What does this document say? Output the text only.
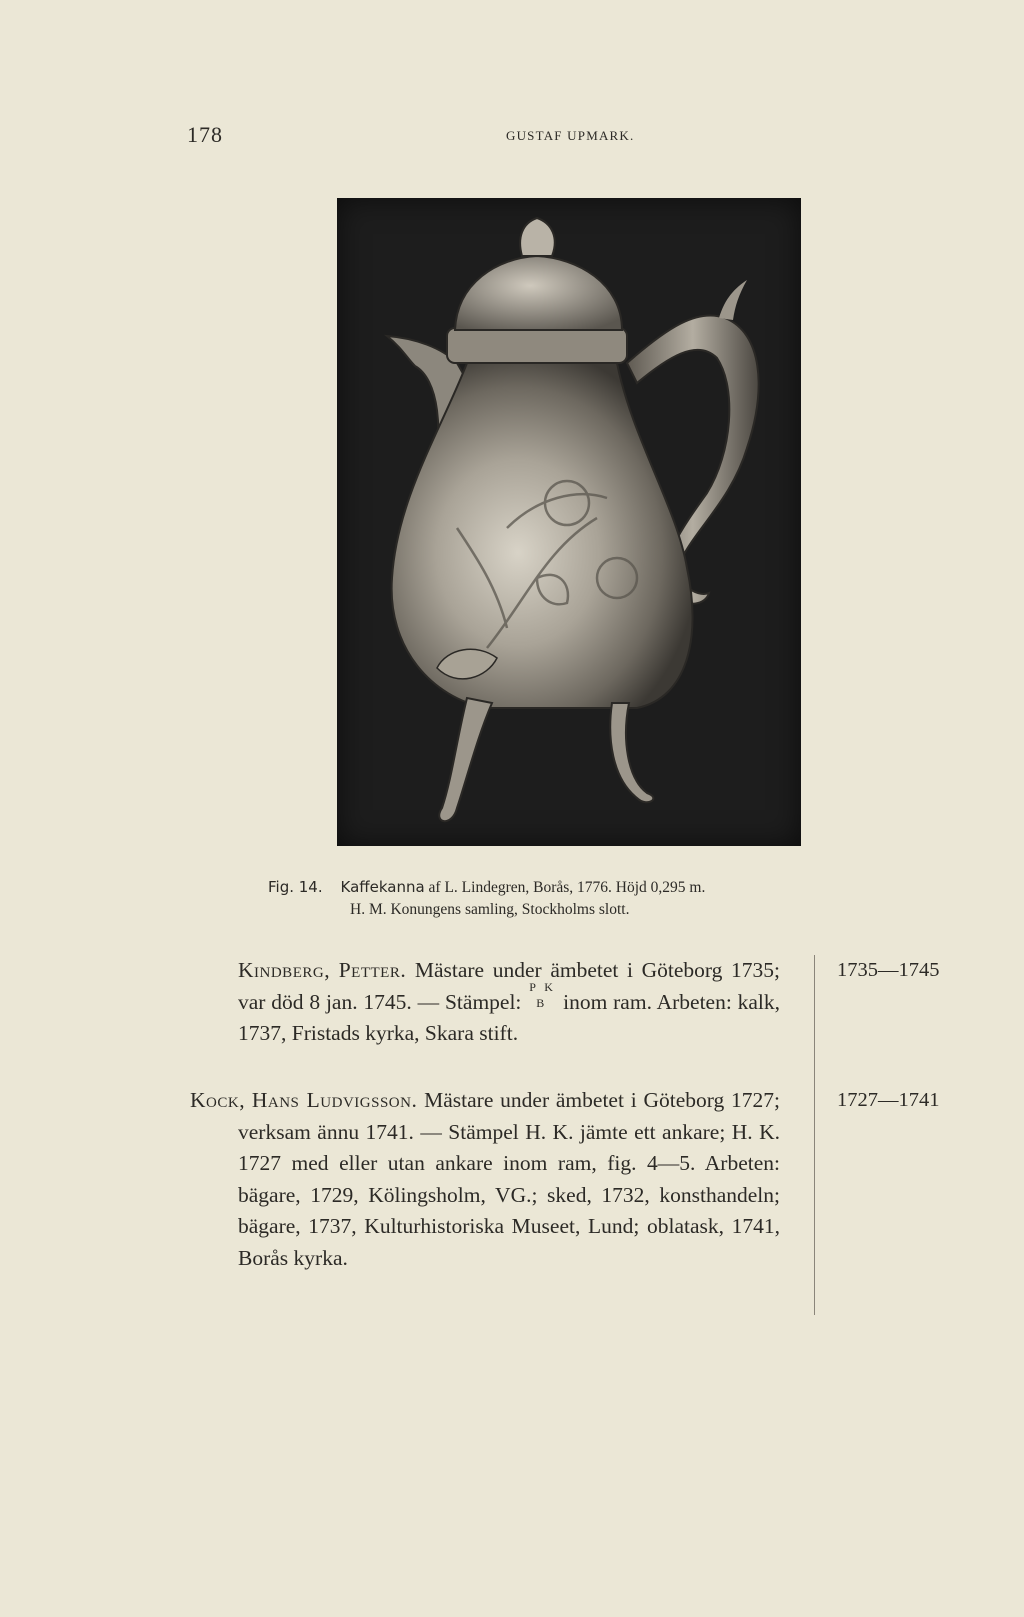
178	GUSTAF UPMARK.
Fig. 14. Kaffekanna af L. Lindegren, Borås, 1776. Höjd 0,295 m.
H. M. Konungens samling, Stockholms slott.

Kindberg, Petter. Mästare under ämbetet i Göteborg 1735; var död 8 jan. 1745. — Stämpel:
P
B
K
inom ram. Arbeten: kalk, 1737, Fristads kyrka, Skara stift.

1735—1745

Kock, Hans Ludvigsson. Mästare under ämbetet i Göteborg 1727; verksam ännu 1741. — Stämpel H. K. jämte ett ankare; H. K. 1727 med eller utan ankare inom ram, fig. 4—5. Arbeten: bägare, 1729, Kölingsholm, VG.; sked, 1732, konsthandeln; bägare, 1737, Kulturhistoriska Museet, Lund; oblatask, 1741, Borås kyrka.

1727—1741
